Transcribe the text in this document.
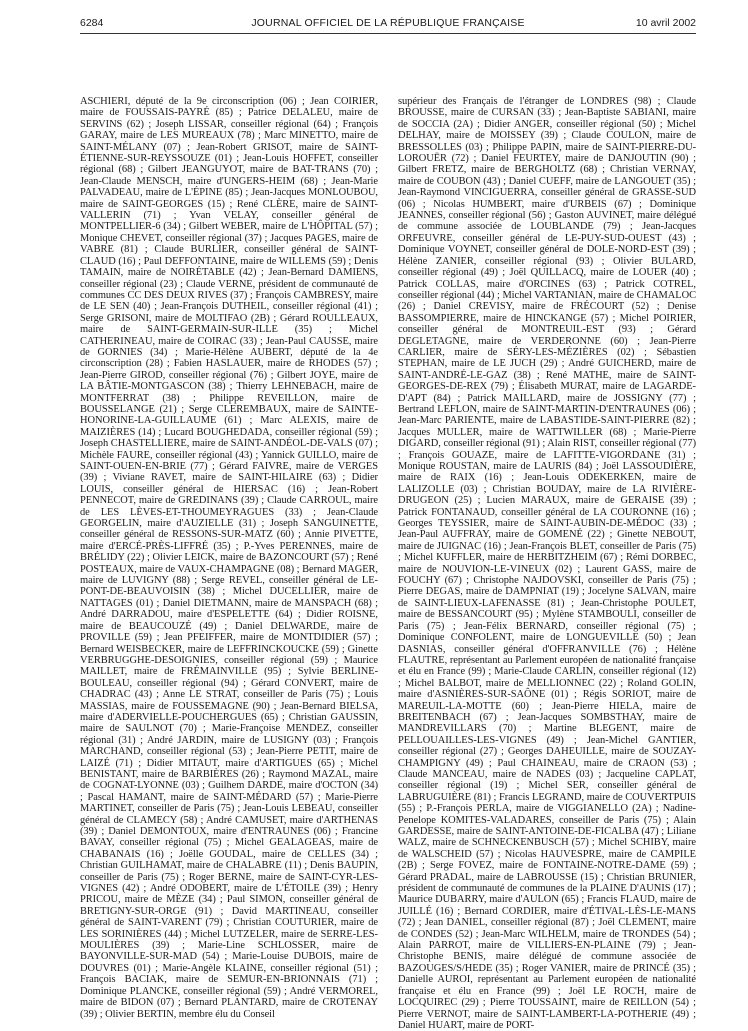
6284	JOURNAL OFFICIEL DE LA RÉPUBLIQUE FRANÇAISE	10 avril 2002

ASCHIERI, député de la 9e circonscription (06) ; Jean COIRIER, maire de FOUSSAIS-PAYRÉ (85) ; Patrice DELALEU, maire de SERVINS (62) ; Joseph LISSAR, conseiller régional (64) ; François GARAY, maire de LES MUREAUX (78) ; Marc MINETTO, maire de SAINT-MÉLANY (07) ; Jean-Robert GRISOT, maire de SAINT-ÉTIENNE-SUR-REYSSOUZE (01) ; Jean-Louis HOFFET, conseiller régional (68) ; Gilbert JEANGUYOT, maire de BAT-TRANS (70) ; Jean-Claude MENSCH, maire d'UNGERS-HEIM (68) ; Jean-Marie PALVADEAU, maire de L'ÉPINE (85) ; Jean-Jacques MONLOUBOU, maire de SAINT-GEORGES (15) ; René CLÈRE, maire de SAINT-VALLERIN (71) ; Yvan VELAY, conseiller général de MONTPELLIER-6 (34) ; Gilbert WEBER, maire de L'HÔPITAL (57) ; Monique CHEVET, conseiller régional (37) ; Jacques PAGES, maire de VABRE (81) ; Claude BURLIER, conseiller général de SAINT-CLAUD (16) ; Paul DEFFONTAINE, maire de WILLEMS (59) ; Denis TAMAIN, maire de NOIRÉTABLE (42) ; Jean-Bernard DAMIENS, conseiller régional (23) ; Claude VERNE, président de communauté de communes CC DES DEUX RIVES (37) ; François CAMBRESY, maire de LE SEN (40) ; Jean-François DUTHEIL, conseiller régional (41) ; Serge GRISONI, maire de MOLTIFAO (2B) ; Gérard ROULLEAUX, maire de SAINT-GERMAIN-SUR-ILLE (35) ; Michel CATHERINEAU, maire de COIRAC (33) ; Jean-Paul CAUSSE, maire de GORNIES (34) ; Marie-Hélène AUBERT, député de la 4e circonscription (28) ; Fabien HASLAUER, maire de RHODES (57) ; Jean-Pierre GIROD, conseiller régional (76) ; Gilbert JOYE, maire de LA BÂTIE-MONTGASCON (38) ; Thierry LEHNEBACH, maire de MONTFERRAT (38) ; Philippe REVEILLON, maire de BOUSSELANGE (21) ; Serge CLEREMBAUX, maire de SAINTE-HONORINE-LA-GUILLAUME (61) ; Marc ALEXIS, maire de MAIZIÈRES (14) ; Lucard BOUGHEDADA, conseiller régional (59) ; Joseph CHASTELLIERE, maire de SAINT-ANDÉOL-DE-VALS (07) ; Michèle FAURE, conseiller régional (43) ; Yannick GUILLO, maire de SAINT-OUEN-EN-BRIE (77) ; Gérard FAIVRE, maire de VERGES (39) ; Viviane RAVET, maire de SAINT-HILAIRE (63) ; Didier LOUIS, conseiller général de HIERSAC (16) ; Jean-Robert PENNECOT, maire de GREDINANS (39) ; Claude CARROUL, maire de LES LÈVES-ET-THOUMEYRAGUES (33) ; Jean-Claude GEORGELIN, maire d'AUZIELLE (31) ; Joseph SANGUINETTE, conseiller général de RESSONS-SUR-MATZ (60) ; Annie PIVETTE, maire d'ERCÉ-PRÈS-LIFFRÉ (35) ; P.-Yves PERENNES, maire de BRÉLIDY (22) ; Olivier LEICK, maire de BAZONCOURT (57) ; René POSTEAUX, maire de VAUX-CHAMPAGNE (08) ; Bernard MAGER, maire de LUVIGNY (88) ; Serge REVEL, conseiller général de LE-PONT-DE-BEAUVOISIN (38) ; Michel DUCELLIER, maire de NATTAGES (01) ; Daniel DIETMANN, maire de MANSPACH (68) ; André DARRADOU, maire d'ESPELETTE (64) ; Didier ROISNE, maire de BEAUCOUZÉ (49) ; Daniel DELWARDE, maire de PROVILLE (59) ; Jean PFEIFFER, maire de MONTDIDIER (57) ; Bernard WEISBECKER, maire de LEFFRINCKOUCKE (59) ; Ginette VERBRUGGHE-DESOIGNIES, conseiller régional (59) ; Maurice MAILLET, maire de FRÉMAINVILLE (95) ; Sylvie BERLINE-BOULEAU, conseiller régional (94) ; Gérard CONVERT, maire de CHADRAC (43) ; Anne LE STRAT, conseiller de Paris (75) ; Louis MASSIAS, maire de FOUSSEMAGNE (90) ; Jean-Bernard BIELSA, maire d'ADERVIELLE-POUCHERGUES (65) ; Christian GAUSSIN, maire de SAULNOT (70) ; Marie-Françoise MENDEZ, conseiller régional (31) ; André JARDIN, maire de LUSIGNY (03) ; François MARCHAND, conseiller régional (53) ; Jean-Pierre PETIT, maire de LAIZÉ (71) ; Didier MITAUT, maire d'ARTIGUES (65) ; Michel BENISTANT, maire de BARBIÈRES (26) ; Raymond MAZAL, maire de COGNAT-LYONNE (03) ; Guilhem DARDE, maire d'OCTON (34) ; Pascal HAMANT, maire de SAINT-MÉDARD (57) ; Marie-Pierre MARTINET, conseiller de Paris (75) ; Jean-Louis LEBEAU, conseiller général de CLAMECY (58) ; André CAMUSET, maire d'ARTHENAS (39) ; Daniel DEMONTOUX, maire d'ENTRAUNES (06) ; Francine BAVAY, conseiller régional (75) ; Michel GEALAGEAS, maire de CHABANAIS (16) ; Joëlle GOUDAL, maire de CELLES (34) ; Christian GUILHAMAT, maire de CHALABRE (11) ; Denis BAUPIN, conseiller de Paris (75) ; Roger BERNE, maire de SAINT-CYR-LES-VIGNES (42) ; André ODOBERT, maire de L'ÉTOILE (39) ; Henry PRICOU, maire de MÈZE (34) ; Paul SIMON, conseiller général de BRETIGNY-SUR-ORGE (91) ; David MARTINEAU, conseiller général de SAINT-VARENT (79) ; Christian COUTURIER, maire de LES SORINIÈRES (44) ; Michel LUTZELER, maire de SERRE-LES-MOULIÈRES (39) ; Marie-Line SCHLOSSER, maire de BAYONVILLE-SUR-MAD (54) ; Marie-Louise DUBOIS, maire de DOUVRES (01) ; Marie-Angèle KLAINE, conseiller régional (51) ; François BACIAK, maire de SEMUR-EN-BRIONNAIS (71) ; Dominique PLANCKE, conseiller régional (59) ; André VERMOREL, maire de BIDON (07) ; Bernard PLANTARD, maire de CROTENAY (39) ; Olivier BERTIN, membre élu du Conseil

supérieur des Français de l'étranger de LONDRES (98) ; Claude BROUSSE, maire de CURSAN (33) ; Jean-Baptiste SABIANI, maire de SOCCIA (2A) ; Didier ANGER, conseiller régional (50) ; Michel DELHAY, maire de MOISSEY (39) ; Claude COULON, maire de BRESSOLLES (03) ; Philippe PAPIN, maire de SAINT-PIERRE-DU-LOROUËR (72) ; Daniel FEURTEY, maire de DANJOUTIN (90) ; Gilbert FRETZ, maire de BERGHOLTZ (68) ; Christian VERNAY, maire de COUBON (43) ; Daniel CUEFF, maire de LANGOUET (35) ; Jean-Raymond VINCIGUERRA, conseiller général de GRASSE-SUD (06) ; Nicolas HUMBERT, maire d'URBEIS (67) ; Dominique JEANNES, conseiller régional (56) ; Gaston AUVINET, maire délégué de commune associée de LOUBLANDE (79) ; Jean-Jacques ORFEUVRE, conseiller général de LE-PUY-SUD-OUEST (43) ; Dominique VOYNET, conseiller général de DOLE-NORD-EST (39) ; Hélène ZANIER, conseiller régional (93) ; Olivier BULARD, conseiller régional (49) ; Joël QUILLACQ, maire de LOUER (40) ; Patrick COLLAS, maire d'ORCINES (63) ; Patrick COTREL, conseiller régional (44) ; Michel VARTANIAN, maire de CHAMALOC (26) ; Daniel CREVISY, maire de FRÉCOURT (52) ; Denise BASSOMPIERRE, maire de HINCKANGE (57) ; Michel POIRIER, conseiller général de MONTREUIL-EST (93) ; Gérard DEGLETAGNE, maire de VERDERONNE (60) ; Jean-Pierre CARLIER, maire de SÉRY-LES-MÉZIÈRES (02) ; Sébastien STEPHAN, maire de LE JUCH (29) ; André GUICHERD, maire de SAINT-ANDRÉ-LE-GAZ (38) ; René MATHE, maire de SAINT-GEORGES-DE-REX (79) ; Élisabeth MURAT, maire de LAGARDE-D'APT (84) ; Patrick MAILLARD, maire de JOSSIGNY (77) ; Bertrand LEFLON, maire de SAINT-MARTIN-D'ENTRAUNES (06) ; Jean-Marc PARIENTE, maire de LABASTIDE-SAINT-PIERRE (82) ; Jacques MULLER, maire de WATTWILLER (68) ; Marie-Pierre DIGARD, conseiller régional (91) ; Alain RIST, conseiller régional (77) ; François GOUAZE, maire de LAFITTE-VIGORDANE (31) ; Monique ROUSTAN, maire de LAURIS (84) ; Joël LASSOUDIÈRE, maire de RAIX (16) ; Jean-Louis ODEKERKEN, maire de LALIZOLLE (03) ; Christian BOUDAY, maire de LA RIVIÈRE-DRUGEON (25) ; Lucien MARAUX, maire de GERAISE (39) ; Patrick FONTANAUD, conseiller général de LA COURONNE (16) ; Georges TEYSSIER, maire de SAINT-AUBIN-DE-MÉDOC (33) ; Jean-Paul AUFFRAY, maire de GOMENÉ (22) ; Ginette NEBOUT, maire de JUIGNAC (16) ; Jean-François BLET, conseiller de Paris (75) ; Michel KUFFLER, maire de HERBITZHEIM (67) ; Rémi DORBEC, maire de NOUVION-LE-VINEUX (02) ; Laurent GASS, maire de FOUCHY (67) ; Christophe NAJDOVSKI, conseiller de Paris (75) ; Pierre DEGAS, maire de DAMPNIAT (19) ; Jocelyne SALVAN, maire de SAINT-LIEUX-LAFENASSE (81) ; Jean-Christophe POULET, maire de BESSANCOURT (95) ; Mylène STAMBOULI, conseiller de Paris (75) ; Jean-Félix BERNARD, conseiller régional (75) ; Dominique CONFOLENT, maire de LONGUEVILLE (50) ; Jean DASNIAS, conseiller général d'OFFRANVILLE (76) ; Hélène FLAUTRE, représentant au Parlement européen de nationalité française et élu en France (99) ; Marie-Claude CARLIN, conseiller régional (12) ; Michel BALBOT, maire de MELLIONNEC (22) ; Roland GOLIN, maire d'ASNIÈRES-SUR-SAÔNE (01) ; Régis SORIOT, maire de MAREUIL-LA-MOTTE (60) ; Jean-Pierre HIELA, maire de BREITENBACH (67) ; Jean-Jacques SOMBSTHAY, maire de MANDREVILLARS (70) ; Martine BLEGENT, maire de PELLOUAILLES-LES-VIGNES (49) ; Jean-Michel GANTIER, conseiller régional (27) ; Georges DAHEUILLE, maire de SOUZAY-CHAMPIGNY (49) ; Paul CHAINEAU, maire de CRAON (53) ; Claude MANCEAU, maire de NADES (03) ; Jacqueline CAPLAT, conseiller régional (19) ; Michel SER, conseiller général de LABRUGUIÈRE (81) ; Francis LEGRAND, maire de COUVERTPUIS (55) ; P.-François PERLA, maire de VIGGIANELLO (2A) ; Nadine-Penelope KOMITES-VALADARES, conseiller de Paris (75) ; Alain GARDESSE, maire de SAINT-ANTOINE-DE-FICALBA (47) ; Liliane WALZ, maire de SCHNECKENBUSCH (57) ; Michel SCHIBY, maire de WALSCHEID (57) ; Nicolas HAUVESPRE, maire de CAMPILE (2B) ; Serge FOVEZ, maire de FONTAINE-NOTRE-DAME (59) ; Gérard PRADAL, maire de LABROUSSE (15) ; Christian BRUNIER, président de communauté de communes de la PLAINE D'AUNIS (17) ; Maurice DUBARRY, maire d'AULON (65) ; Francis FLAUD, maire de JUILLÉ (16) ; Bernard CORDIER, maire d'ÉTIVAL-LÈS-LE-MANS (72) ; Jean DANIEL, conseiller régional (87) ; Joël CLEMENT, maire de CONDES (52) ; Jean-Marc WILHELM, maire de TRONDES (54) ; Alain PARROT, maire de VILLIERS-EN-PLAINE (79) ; Jean-Christophe BENIS, maire délégué de commune associée de BAZOUGES/S/HEDE (35) ; Roger VANIER, maire de PRINCÉ (35) ; Danielle AUROI, représentant au Parlement européen de nationalité française et élu en France (99) ; Joël LE ROC'H, maire de LOCQUIREC (29) ; Pierre TOUSSAINT, maire de REILLON (54) ; Pierre VERNOT, maire de SAINT-LAMBERT-LA-POTHERIE (49) ; Daniel HUART, maire de PORT-
